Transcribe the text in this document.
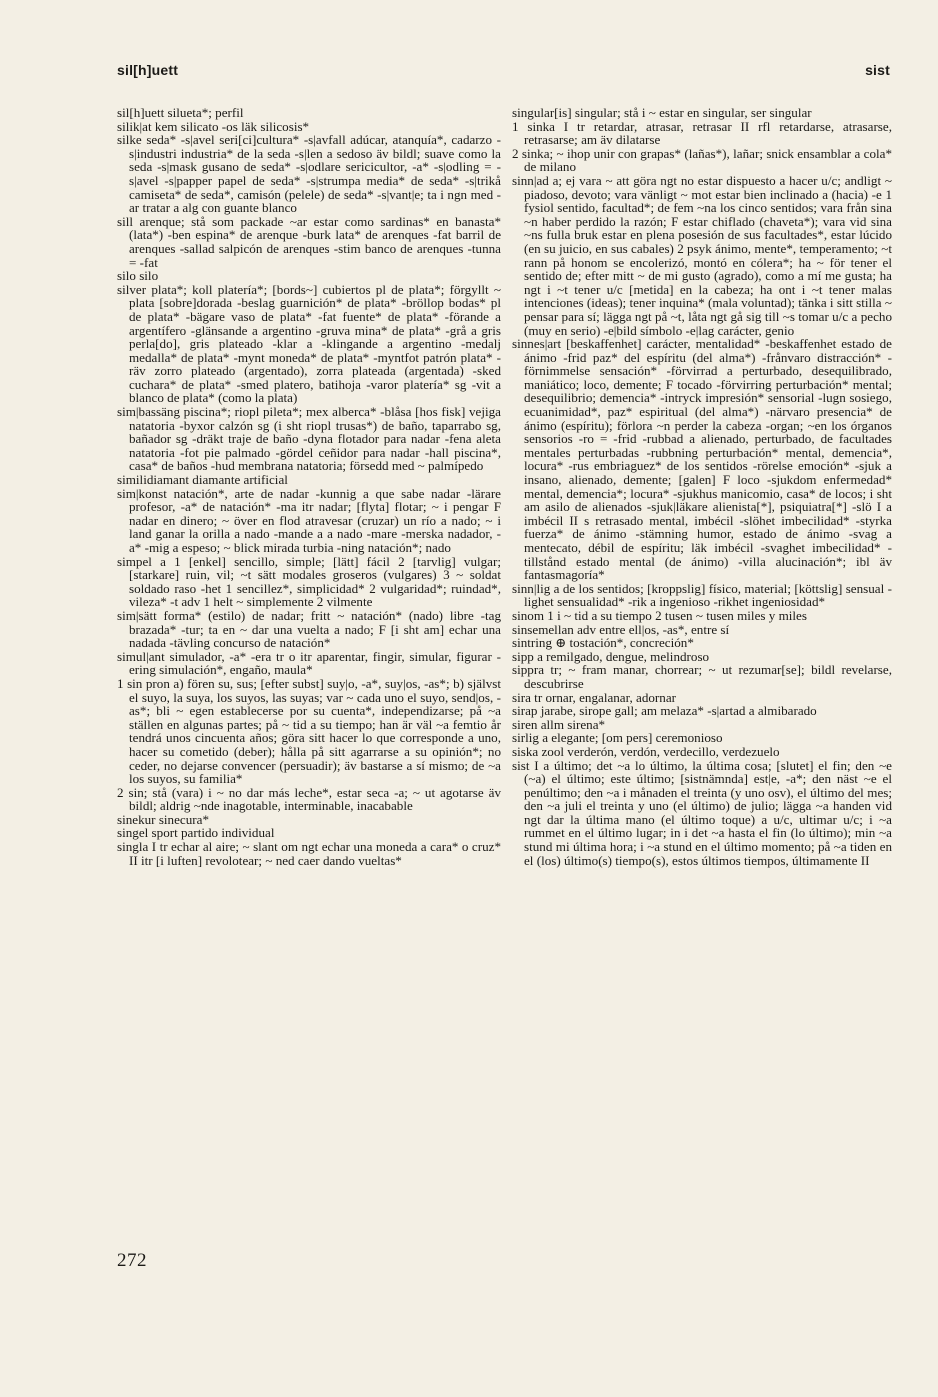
sil[h]uett	sist

sil[h]uett silueta*; perfil

silik|at kem silicato -os läk silicosis*

silke seda* -s|avel seri[ci]cultura* -s|avfall adúcar, atanquía*, cadarzo -s|industri industria* de la seda -s|len a sedoso äv bildl; suave como la seda -s|mask gusano de seda* -s|odlare sericicultor, -a* -s|odling = -s|avel -s|papper papel de seda* -s|strumpa media* de seda* -s|trikå camiseta* de seda*, camisón (pelele) de seda* -s|vant|e; ta i ngn med -ar tratar a alg con guante blanco

sill arenque; stå som packade ~ar estar como sardinas* en banasta* (lata*) -ben espina* de arenque -burk lata* de arenques -fat barril de arenques -sallad salpicón de arenques -stim banco de arenques -tunna = -fat

silo silo

silver plata*; koll platería*; [bords~] cubiertos pl de plata*; förgyllt ~ plata [sobre]dorada -beslag guarnición* de plata* -bröllop bodas* pl de plata* -bägare vaso de plata* -fat fuente* de plata* -förande a argentífero -glänsande a argentino -gruva mina* de plata* -grå a gris perla[do], gris plateado -klar a -klingande a argentino -medalj medalla* de plata* -mynt moneda* de plata* -myntfot patrón plata* -räv zorro plateado (argentado), zorra plateada (argentada) -sked cuchara* de plata* -smed platero, batihoja -varor platería* sg -vit a blanco de plata* (como la plata)

sim|bassäng piscina*; riopl pileta*; mex alberca* -blåsa [hos fisk] vejiga natatoria -byxor calzón sg (i sht riopl trusas*) de baño, taparrabo sg, bañador sg -dräkt traje de baño -dyna flotador para nadar -fena aleta natatoria -fot pie palmado -gördel ceñidor para nadar -hall piscina*, casa* de baños -hud membrana natatoria; försedd med ~ palmípedo

similidiamant diamante artificial

sim|konst natación*, arte de nadar -kunnig a que sabe nadar -lärare profesor, -a* de natación* -ma itr nadar; [flyta] flotar; ~ i pengar F nadar en dinero; ~ över en flod atravesar (cruzar) un río a nado; ~ i land ganar la orilla a nado -mande a a nado -mare -merska nadador, -a* -mig a espeso; ~ blick mirada turbia -ning natación*; nado

simpel a 1 [enkel] sencillo, simple; [lätt] fácil 2 [tarvlig] vulgar; [starkare] ruin, vil; ~t sätt modales groseros (vulgares) 3 ~ soldat soldado raso -het 1 sencillez*, simplicidad* 2 vulgaridad*; ruindad*, vileza* -t adv 1 helt ~ simplemente 2 vilmente

sim|sätt forma* (estilo) de nadar; fritt ~ natación* (nado) libre -tag brazada* -tur; ta en ~ dar una vuelta a nado; F [i sht am] echar una nadada -tävling concurso de natación*

simul|ant simulador, -a* -era tr o itr aparentar, fingir, simular, figurar -ering simulación*, engaño, maula*

1 sin pron a) fören su, sus; [efter subst] suy|o, -a*, suy|os, -as*; b) självst el suyo, la suya, los suyos, las suyas; var ~ cada uno el suyo, send|os, -as*; bli ~ egen establecerse por su cuenta*, independizarse; på ~a ställen en algunas partes; på ~ tid a su tiempo; han är väl ~a femtio år tendrá unos cincuenta años; göra sitt hacer lo que corresponde a uno, hacer su cometido (deber); hålla på sitt agarrarse a su opinión*; no ceder, no dejarse convencer (persuadir); äv bastarse a sí mismo; de ~a los suyos, su familia*

2 sin; stå (vara) i ~ no dar más leche*, estar seca -a; ~ ut agotarse äv bildl; aldrig ~nde inagotable, interminable, inacabable

sinekur sinecura*

singel sport partido individual

singla I tr echar al aire; ~ slant om ngt echar una moneda a cara* o cruz* II itr [i luften] revolotear; ~ ned caer dando vueltas*

singular[is] singular; stå i ~ estar en singular, ser singular

1 sinka I tr retardar, atrasar, retrasar II rfl retardarse, atrasarse, retrasarse; am äv dilatarse

2 sinka; ~ ihop unir con grapas* (lañas*), lañar; snick ensamblar a cola* de milano

sinn|ad a; ej vara ~ att göra ngt no estar dispuesto a hacer u/c; andligt ~ piadoso, devoto; vara vänligt ~ mot estar bien inclinado a (hacia) -e 1 fysiol sentido, facultad*; de fem ~na los cinco sentidos; vara från sina ~n haber perdido la razón; F estar chiflado (chaveta*); vara vid sina ~ns fulla bruk estar en plena posesión de sus facultades*, estar lúcido (en su juicio, en sus cabales) 2 psyk ánimo, mente*, temperamento; ~t rann på honom se encolerizó, montó en cólera*; ha ~ för tener el sentido de; efter mitt ~ de mi gusto (agrado), como a mí me gusta; ha ngt i ~t tener u/c [metida] en la cabeza; ha ont i ~t tener malas intenciones (ideas); tener inquina* (mala voluntad); tänka i sitt stilla ~ pensar para sí; lägga ngt på ~t, låta ngt gå sig till ~s tomar u/c a pecho (muy en serio) -e|bild símbolo -e|lag carácter, genio

sinnes|art [beskaffenhet] carácter, mentalidad* -beskaffenhet estado de ánimo -frid paz* del espíritu (del alma*) -frånvaro distracción* -förnimmelse sensación* -förvirrad a perturbado, desequilibrado, maniático; loco, demente; F tocado -förvirring perturbación* mental; desequilibrio; demencia* -intryck impresión* sensorial -lugn sosiego, ecuanimidad*, paz* espiritual (del alma*) -närvaro presencia* de ánimo (espíritu); förlora ~n perder la cabeza -organ; ~en los órganos sensorios -ro = -frid -rubbad a alienado, perturbado, de facultades mentales perturbadas -rubbning perturbación* mental, demencia*, locura* -rus embriaguez* de los sentidos -rörelse emoción* -sjuk a insano, alienado, demente; [galen] F loco -sjukdom enfermedad* mental, demencia*; locura* -sjukhus manicomio, casa* de locos; i sht am asilo de alienados -sjuk|läkare alienista[*], psiquiatra[*] -slö I a imbécil II s retrasado mental, imbécil -slöhet imbecilidad* -styrka fuerza* de ánimo -stämning humor, estado de ánimo -svag a mentecato, débil de espíritu; läk imbécil -svaghet imbecilidad* -tillstånd estado mental (de ánimo) -villa alucinación*; ibl äv fantasmagoría*

sinn|lig a de los sentidos; [kroppslig] físico, material; [köttslig] sensual -lighet sensualidad* -rik a ingenioso -rikhet ingeniosidad*

sinom 1 i ~ tid a su tiempo 2 tusen ~ tusen miles y miles

sinsemellan adv entre ell|os, -as*, entre sí

sintring ⊕ tostación*, concreción*

sipp a remilgado, dengue, melindroso

sippra tr; ~ fram manar, chorrear; ~ ut rezumar[se]; bildl revelarse, descubrirse

sira tr ornar, engalanar, adornar

sirap jarabe, sirope gall; am melaza* -s|artad a almibarado

siren allm sirena*

sirlig a elegante; [om pers] ceremonioso

siska zool verderón, verdón, verdecillo, verdezuelo

sist I a último; det ~a lo último, la última cosa; [slutet] el fin; den ~e (~a) el último; este último; [sistnämnda] est|e, -a*; den näst ~e el penúltimo; den ~a i månaden el treinta (y uno osv), el último del mes; den ~a juli el treinta y uno (el último) de julio; lägga ~a handen vid ngt dar la última mano (el último toque) a u/c, ultimar u/c; i ~a rummet en el último lugar; in i det ~a hasta el fin (lo último); min ~a stund mi última hora; i ~a stund en el último momento; på ~a tiden en el (los) último(s) tiempo(s), estos últimos tiempos, últimamente II

272
